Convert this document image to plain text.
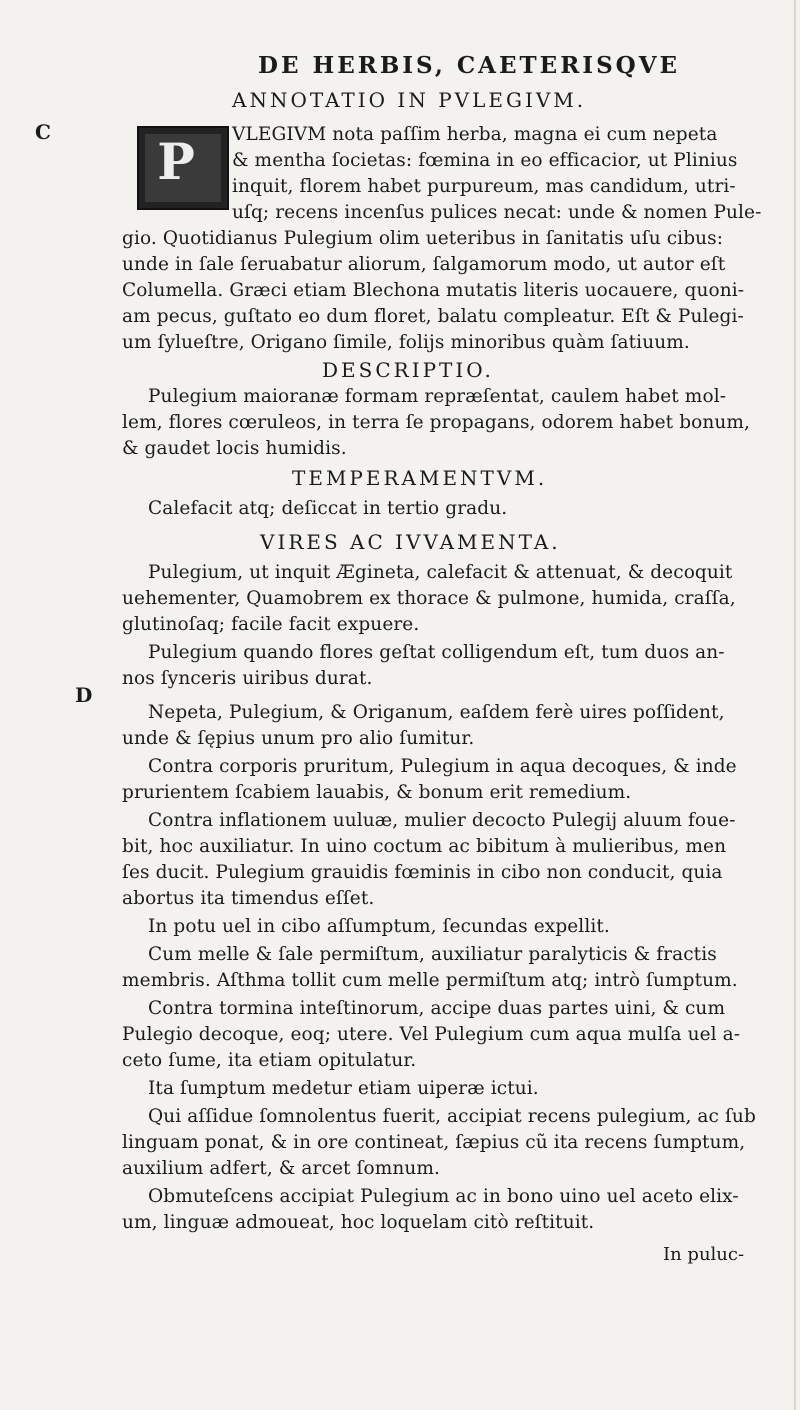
DE HERBIS, CAETERISQVE
C
D
ANNOTATIO IN PVLEGIVM.
P	VLEGIVM nota paſſim herba, magna ei cum nepeta
& mentha ſocietas: fœmina in eo efficacior, ut Plinius
inquit, florem habet purpureum, mas candidum, utri-
uſq; recens incenſus pulices necat: unde & nomen Pule-
gio. Quotidianus Pulegium olim ueteribus in ſanitatis uſu cibus:
unde in ſale ſeruabatur aliorum, ſalgamorum modo, ut autor eſt
Columella. Græci etiam Blechona mutatis literis uocauere, quoni-
am pecus, guſtato eo dum floret, balatu compleatur. Eſt & Pulegi-
um ſylueſtre, Origano ſimile, folijs minoribus quàm ſatiuum.
DESCRIPTIO.
Pulegium maioranæ formam repræſentat, caulem habet mol-
lem, flores cœruleos, in terra ſe propagans, odorem habet bonum,
& gaudet locis humidis.
TEMPERAMENTVM.
Calefacit atq; deſiccat in tertio gradu.
VIRES AC IVVAMENTA.
Pulegium, ut inquit Ægineta, calefacit & attenuat, & decoquit
uehementer, Quamobrem ex thorace & pulmone, humida, craſſa,
glutinoſaq; facile facit expuere.
Pulegium quando flores geſtat colligendum eſt, tum duos an-
nos ſynceris uiribus durat.
Nepeta, Pulegium, & Origanum, eaſdem ferè uires poſſident,
unde & ſępius unum pro alio ſumitur.
Contra corporis pruritum, Pulegium in aqua decoques, & inde
prurientem ſcabiem lauabis, & bonum erit remedium.
Contra inflationem uuluæ, mulier decocto Pulegij aluum foue-
bit, hoc auxiliatur. In uino coctum ac bibitum à mulieribus, men
ſes ducit. Pulegium grauidis fœminis in cibo non conducit, quia
abortus ita timendus eſſet.
In potu uel in cibo aſſumptum, ſecundas expellit.
Cum melle & ſale permiſtum, auxiliatur paralyticis & fractis
membris. Aſthma tollit cum melle permiſtum atq; intrò ſumptum.
Contra tormina inteſtinorum, accipe duas partes uini, & cum
Pulegio decoque, eoq; utere. Vel Pulegium cum aqua mulſa uel a-
ceto ſume, ita etiam opitulatur.
Ita ſumptum medetur etiam uiperæ ictui.
Qui aſſidue ſomnolentus fuerit, accipiat recens pulegium, ac ſub
linguam ponat, & in ore contineat, ſæpius cũ ita recens ſumptum,
auxilium adfert, & arcet ſomnum.
Obmuteſcens accipiat Pulegium ac in bono uino uel aceto elix-
um, linguæ admoueat, hoc loquelam citò reſtituit.
In puluc-
